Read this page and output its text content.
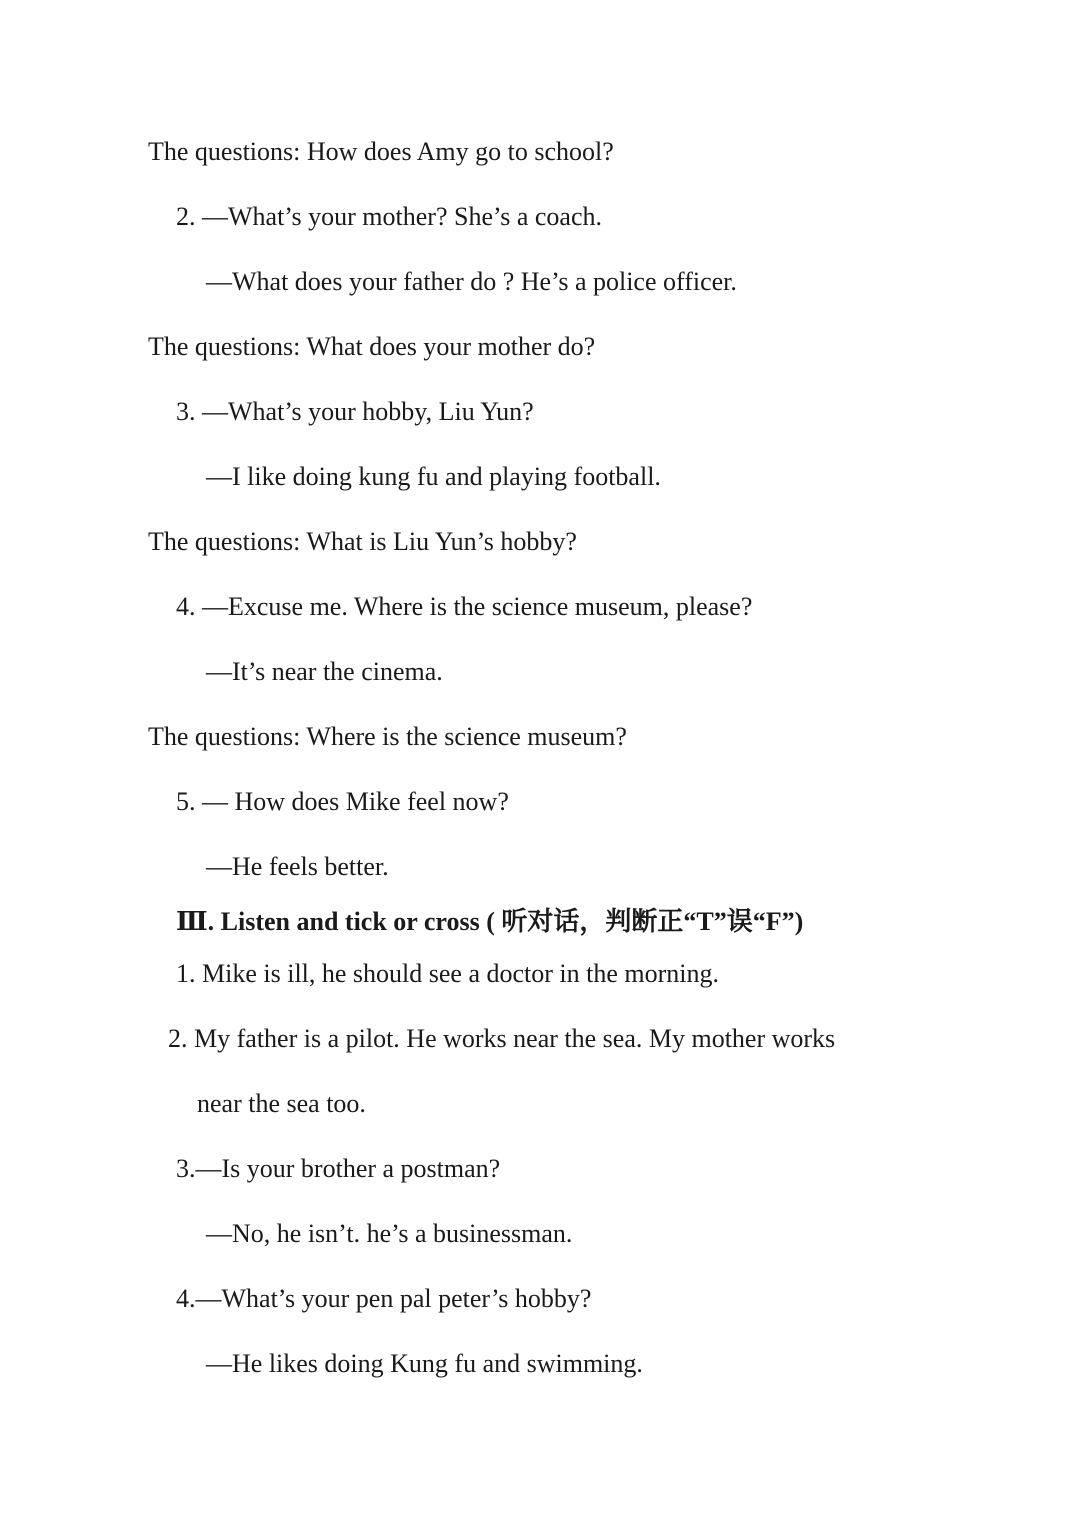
The questions: How does Amy go to school?
2. —What’s your mother? She’s a coach.
—What does your father do ? He’s a police officer.
The questions: What does your mother do?
3. —What’s your hobby, Liu Yun?
—I like doing kung fu and playing football.
The questions: What is Liu Yun’s hobby?
4. —Excuse me. Where is the science museum, please?
—It’s near the cinema.
The questions: Where is the science museum?
5. — How does Mike feel now?
—He feels better.
Ⅲ. Listen and tick or cross ( 听对话，判断正“T”误“F”)
1. Mike is ill, he should see a doctor in the morning.
2. My father is a pilot. He works near the sea. My mother works
near the sea too.
3.—Is your brother a postman?
—No, he isn’t. he’s a businessman.
4.—What’s your pen pal peter’s hobby?
—He likes doing Kung fu and swimming.
